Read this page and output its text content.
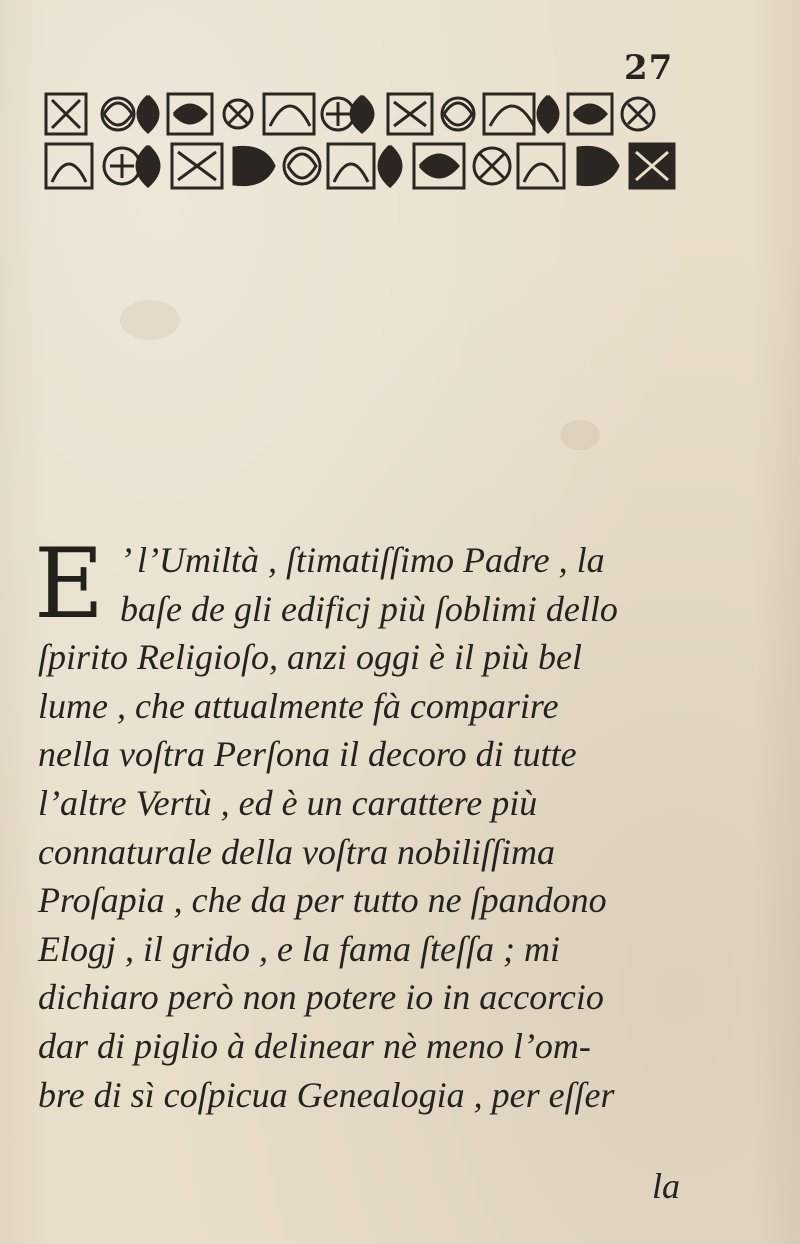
27
E ’ l’Umiltà , ſtimatiſſimo Padre , la
baſe de gli edificj più ſoblimi dello
ſpirito Religioſo, anzi oggi è il più bel
lume , che attualmente fà comparire
nella voſtra Perſona il decoro di tutte
l’altre Vertù , ed è un carattere più
connaturale della voſtra nobiliſſima
Proſapia , che da per tutto ne ſpandono
Elogj , il grido , e la fama ſteſſa ; mi
dichiaro però non potere io in accorcio
dar di piglio à delinear nè meno l’om-
bre di sì coſpicua Genealogia , per eſſer
la
